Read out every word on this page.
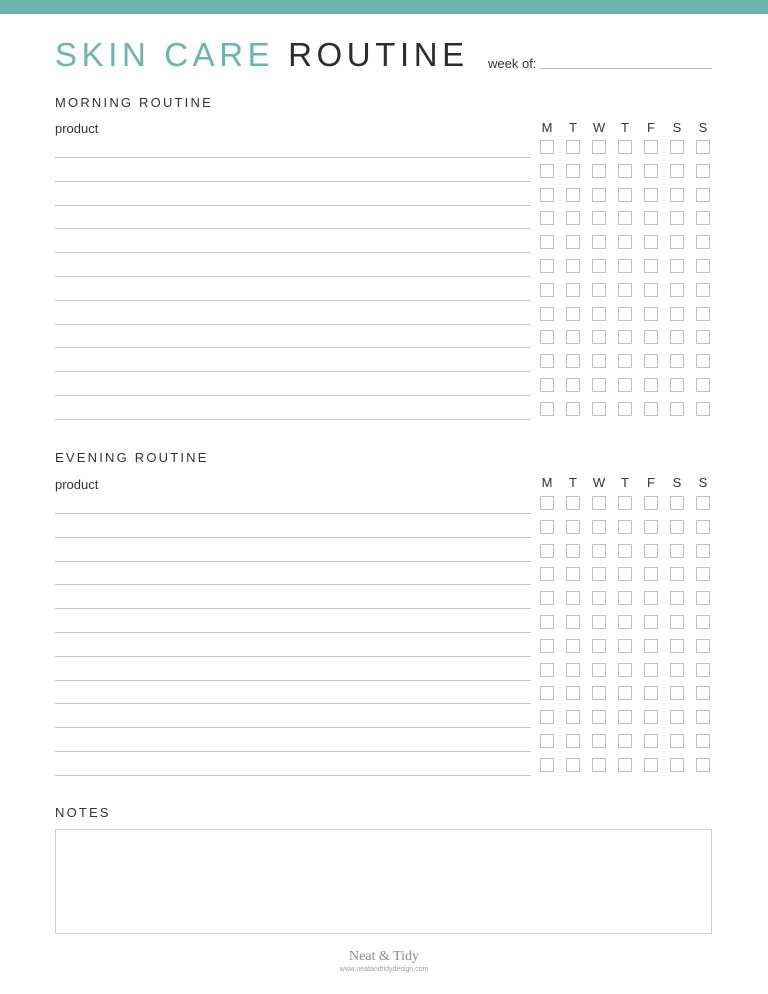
SKIN CARE ROUTINE week of:
MORNING ROUTINE
product	M	T	W	T	F	S	S
EVENING ROUTINE
product	M	T	W	T	F	S	S
NOTES
Neat & Tidy
www.neatandtidydesign.com
